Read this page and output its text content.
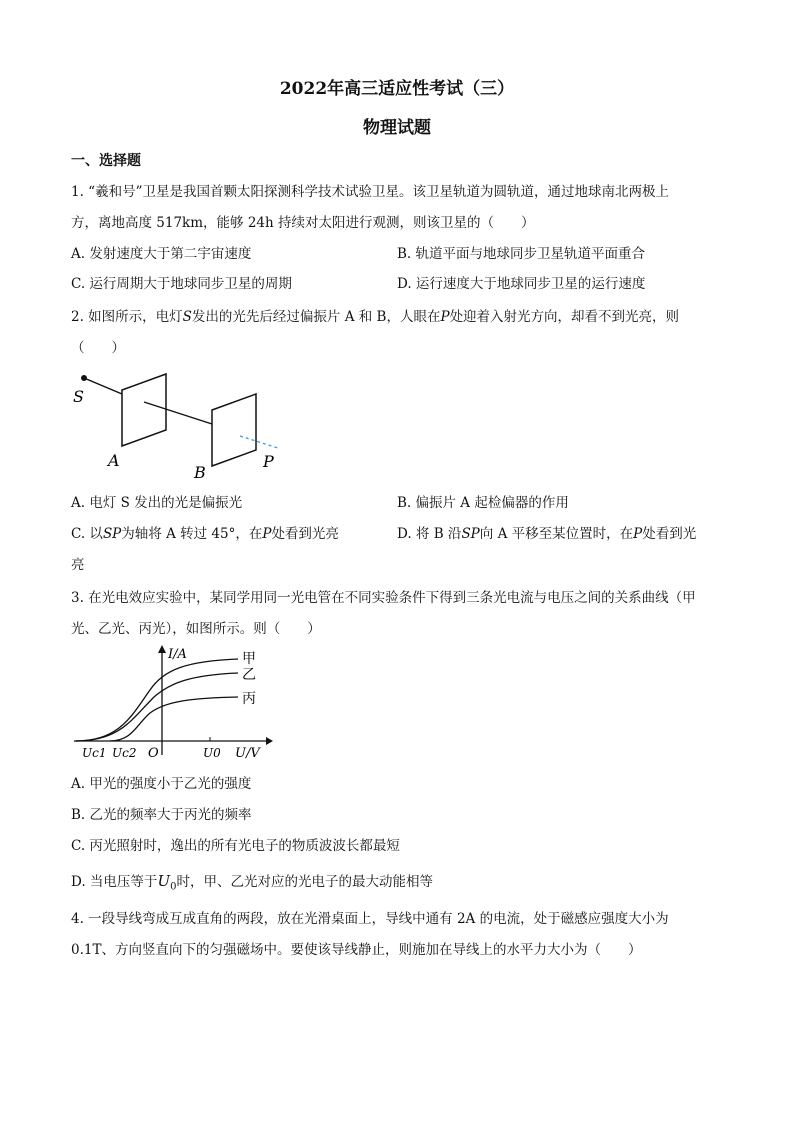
2022年高三适应性考试（三）
物理试题
一、选择题
1. “羲和号”卫星是我国首颗太阳探测科学技术试验卫星。该卫星轨道为圆轨道，通过地球南北两极上
方，离地高度 517km，能够 24h 持续对太阳进行观测，则该卫星的（　　）
A. 发射速度大于第二宇宙速度	B. 轨道平面与地球同步卫星轨道平面重合
C. 运行周期大于地球同步卫星的周期	D. 运行速度大于地球同步卫星的运行速度
2. 如图所示，电灯S发出的光先后经过偏振片 A 和 B，人眼在P处迎着入射光方向，却看不到光亮，则
（　　）
S
A
B
P
A. 电灯 S 发出的光是偏振光	B. 偏振片 A 起检偏器的作用
C. 以SP为轴将 A 转过 45°，在P处看到光亮	D. 将 B 沿SP向 A 平移至某位置时，在P处看到光
亮
3. 在光电效应实验中，某同学用同一光电管在不同实验条件下得到三条光电流与电压之间的关系曲线（甲
光、乙光、丙光），如图所示。则（　　）
甲
乙
丙
I/A
U/V
Uc1 Uc2 O	U0
A. 甲光的强度小于乙光的强度
B. 乙光的频率大于丙光的频率
C. 丙光照射时，逸出的所有光电子的物质波波长都最短
D. 当电压等于$U_0$时，甲、乙光对应的光电子的最大动能相等
4. 一段导线弯成互成直角的两段，放在光滑桌面上，导线中通有 2A 的电流，处于磁感应强度大小为
0.1T、方向竖直向下的匀强磁场中。要使该导线静止，则施加在导线上的水平力大小为（　　）
